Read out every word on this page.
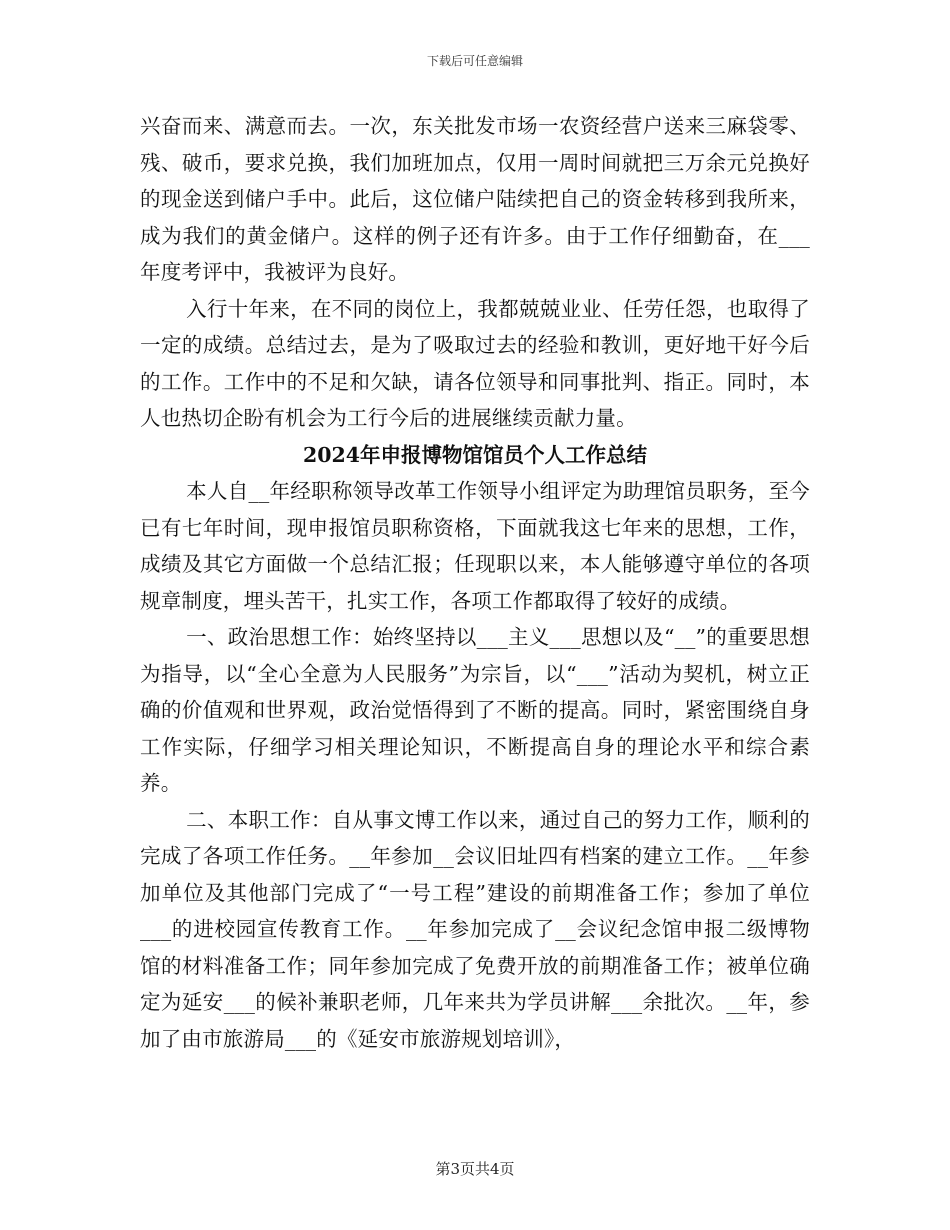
下载后可任意编辑

兴奋而来、满意而去。一次，东关批发市场一农资经营户送来三麻袋零、残、破币，要求兑换，我们加班加点，仅用一周时间就把三万余元兑换好的现金送到储户手中。此后，这位储户陆续把自己的资金转移到我所来，成为我们的黄金储户。这样的例子还有许多。由于工作仔细勤奋，在___年度考评中，我被评为良好。

入行十年来，在不同的岗位上，我都兢兢业业、任劳任怨，也取得了一定的成绩。总结过去，是为了吸取过去的经验和教训，更好地干好今后的工作。工作中的不足和欠缺，请各位领导和同事批判、指正。同时，本人也热切企盼有机会为工行今后的进展继续贡献力量。

2024年申报博物馆馆员个人工作总结

本人自__年经职称领导改革工作领导小组评定为助理馆员职务，至今已有七年时间，现申报馆员职称资格，下面就我这七年来的思想，工作，成绩及其它方面做一个总结汇报；任现职以来，本人能够遵守单位的各项规章制度，埋头苦干，扎实工作，各项工作都取得了较好的成绩。

一、政治思想工作：始终坚持以___主义___思想以及“__”的重要思想为指导，以“全心全意为人民服务”为宗旨，以“___”活动为契机，树立正确的价值观和世界观，政治觉悟得到了不断的提高。同时，紧密围绕自身工作实际，仔细学习相关理论知识，不断提高自身的理论水平和综合素养。

二、本职工作：自从事文博工作以来，通过自己的努力工作，顺利的完成了各项工作任务。__年参加__会议旧址四有档案的建立工作。__年参加单位及其他部门完成了“一号工程”建设的前期准备工作；参加了单位___的进校园宣传教育工作。__年参加完成了__会议纪念馆申报二级博物馆的材料准备工作；同年参加完成了免费开放的前期准备工作；被单位确定为延安___的候补兼职老师，几年来共为学员讲解___余批次。__年，参加了由市旅游局___的《延安市旅游规划培训》，

第3页共4页
